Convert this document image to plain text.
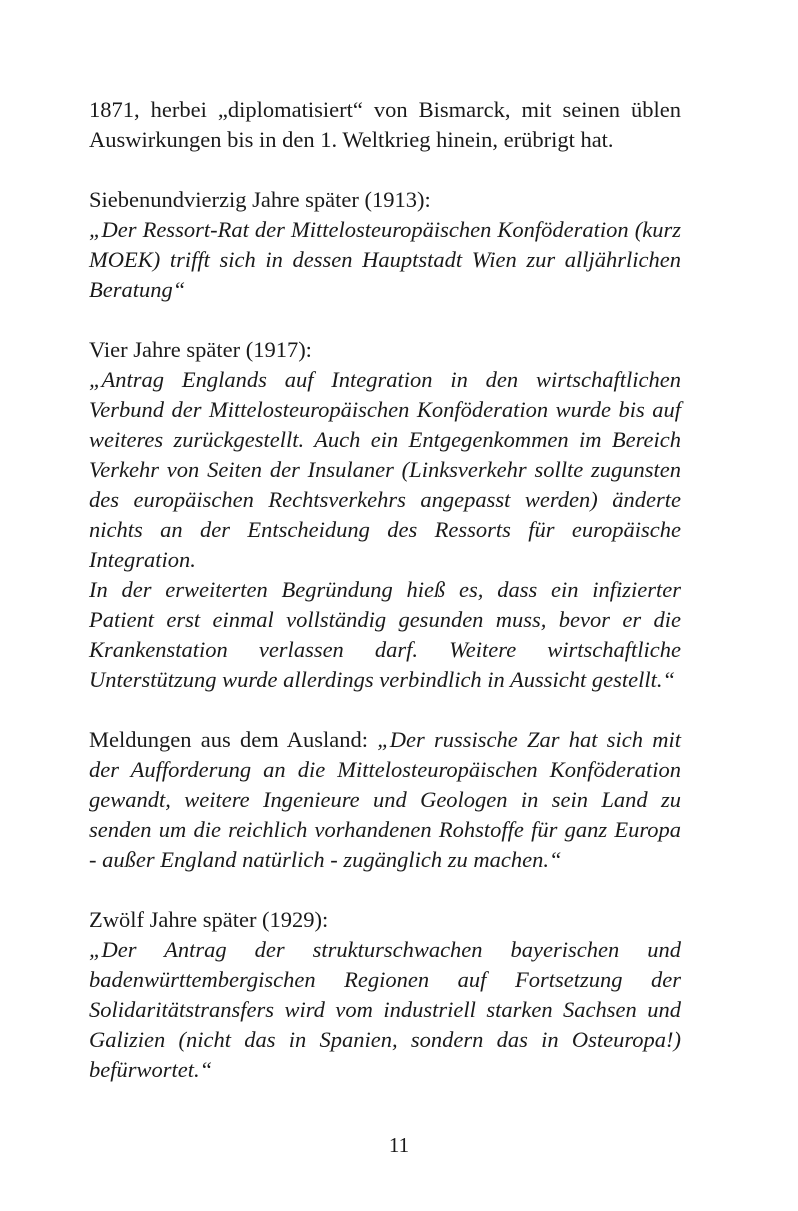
1871, herbei „diplomatisiert“ von Bismarck, mit seinen üblen Auswirkungen bis in den 1. Weltkrieg hinein, erübrigt hat.

Siebenundvierzig Jahre später (1913):

„Der Ressort-Rat der Mittelosteuropäischen Konföderation (kurz MOEK) trifft sich in dessen Hauptstadt Wien zur alljährlichen Beratung“

Vier Jahre später (1917):

„Antrag Englands auf Integration in den wirtschaftlichen Verbund der Mittelosteuropäischen Konföderation wurde bis auf weiteres zurückgestellt. Auch ein Entgegenkommen im Bereich Verkehr von Seiten der Insulaner (Linksverkehr sollte zugunsten des europäischen Rechtsverkehrs angepasst werden) änderte nichts an der Entscheidung des Ressorts für europäische Integration.

In der erweiterten Begründung hieß es, dass ein infizierter Patient erst einmal vollständig gesunden muss, bevor er die Krankenstation verlassen darf. Weitere wirtschaftliche Unterstützung wurde allerdings verbindlich in Aussicht gestellt.“

Meldungen aus dem Ausland: „Der russische Zar hat sich mit der Aufforderung an die Mittelosteuropäischen Konföderation gewandt, weitere Ingenieure und Geologen in sein Land zu senden um die reichlich vorhandenen Rohstoffe für ganz Europa - außer England natürlich - zugänglich zu machen.“

Zwölf Jahre später (1929):

„Der Antrag der strukturschwachen bayerischen und badenwürttembergischen Regionen auf Fortsetzung der Solidaritätstransfers wird vom industriell starken Sachsen und Galizien (nicht das in Spanien, sondern das in Osteuropa!) befürwortet.“

11
